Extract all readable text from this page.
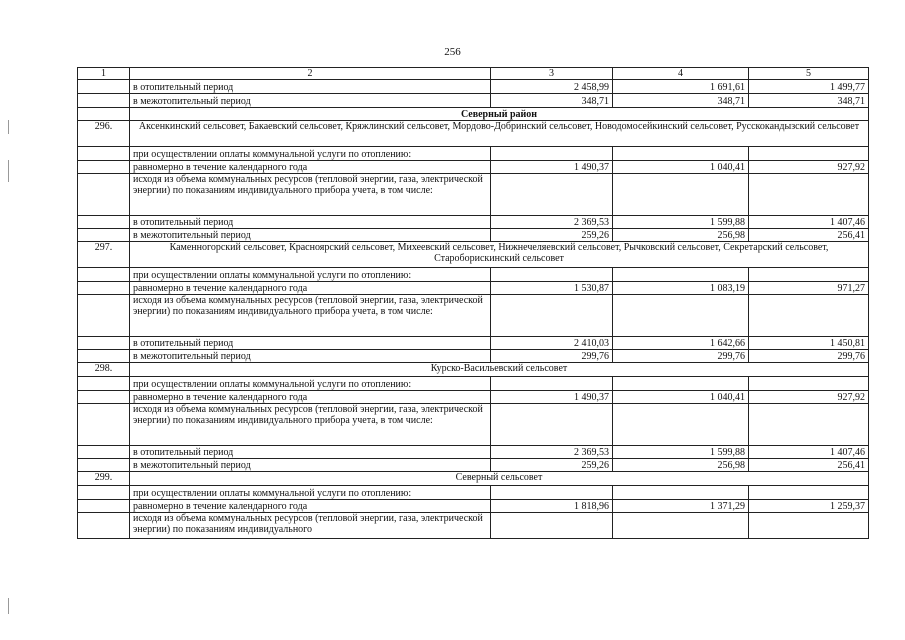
256
1	2	3	4	5
	в отопительный период	2 458,99	1 691,61	1 499,77
	в межотопительный период	348,71	348,71	348,71
	Северный район			
296.	Аксенкинский сельсовет, Бакаевский сельсовет, Кряжлинский сельсовет, Мордово-Добринский сельсовет, Новодомосейкинский сельсовет, Русскокандызский сельсовет			
	при осуществлении оплаты коммунальной услуги по отоплению:			
	равномерно в течение календарного года	1 490,37	1 040,41	927,92
	исходя из объема коммунальных ресурсов (тепловой энергии, газа, электрической энергии) по показаниям индивидуального прибора учета, в том числе:			
	в отопительный период	2 369,53	1 599,88	1 407,46
	в межотопительный период	259,26	256,98	256,41
297.	Каменногорский сельсовет, Красноярский сельсовет, Михеевский сельсовет, Нижнечеляевский сельсовет, Рычковский сельсовет, Секретарский сельсовет, Староборискинский сельсовет			
	при осуществлении оплаты коммунальной услуги по отоплению:			
	равномерно в течение календарного года	1 530,87	1 083,19	971,27
	исходя из объема коммунальных ресурсов (тепловой энергии, газа, электрической энергии) по показаниям индивидуального прибора учета, в том числе:			
	в отопительный период	2 410,03	1 642,66	1 450,81
	в межотопительный период	299,76	299,76	299,76
298.	Курско-Васильевский сельсовет			
	при осуществлении оплаты коммунальной услуги по отоплению:			
	равномерно в течение календарного года	1 490,37	1 040,41	927,92
	исходя из объема коммунальных ресурсов (тепловой энергии, газа, электрической энергии) по показаниям индивидуального прибора учета, в том числе:			
	в отопительный период	2 369,53	1 599,88	1 407,46
	в межотопительный период	259,26	256,98	256,41
299.	Северный сельсовет			
	при осуществлении оплаты коммунальной услуги по отоплению:			
	равномерно в течение календарного года	1 818,96	1 371,29	1 259,37
	исходя из объема коммунальных ресурсов (тепловой энергии, газа, электрической энергии) по показаниям индивидуального			
